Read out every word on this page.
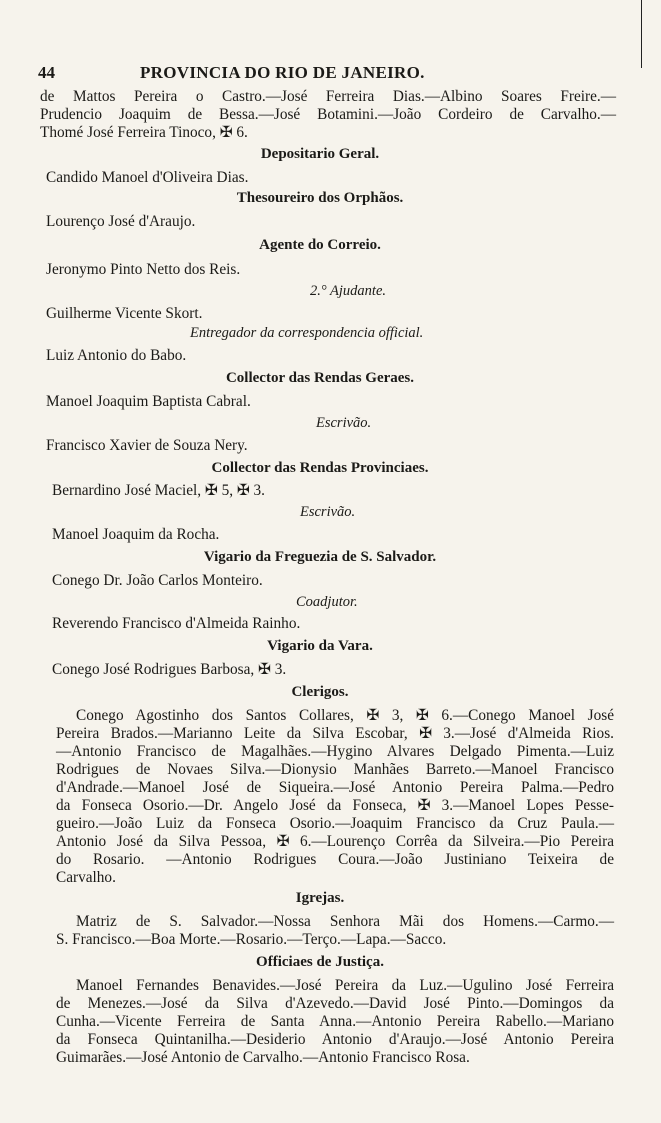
44	PROVINCIA DO RIO DE JANEIRO.

de Mattos Pereira o Castro.—José Ferreira Dias.—Albino Soares Freire.—

Prudencio Joaquim de Bessa.—José Botamini.—João Cordeiro de Carvalho.—

Thomé José Ferreira Tinoco, ✠ 6.

Depositario Geral.

Candido Manoel d'Oliveira Dias.

Thesoureiro dos Orphãos.

Lourenço José d'Araujo.

Agente do Correio.

Jeronymo Pinto Netto dos Reis.

2.° Ajudante.

Guilherme Vicente Skort.

Entregador da correspondencia official.

Luiz Antonio do Babo.

Collector das Rendas Geraes.

Manoel Joaquim Baptista Cabral.

Escrivão.

Francisco Xavier de Souza Nery.

Collector das Rendas Provinciaes.

Bernardino José Maciel, ✠ 5, ✠ 3.

Escrivão.

Manoel Joaquim da Rocha.

Vigario da Freguezia de S. Salvador.

Conego Dr. João Carlos Monteiro.

Coadjutor.

Reverendo Francisco d'Almeida Rainho.

Vigario da Vara.

Conego José Rodrigues Barbosa, ✠ 3.

Clerigos.

Conego Agostinho dos Santos Collares, ✠ 3, ✠ 6.—Conego Manoel José

Pereira Brados.—Marianno Leite da Silva Escobar, ✠ 3.—José d'Almeida Rios.

—Antonio Francisco de Magalhães.—Hygino Alvares Delgado Pimenta.—Luiz

Rodrigues de Novaes Silva.—Dionysio Manhães Barreto.—Manoel Francisco

d'Andrade.—Manoel José de Siqueira.—José Antonio Pereira Palma.—Pedro

da Fonseca Osorio.—Dr. Angelo José da Fonseca, ✠ 3.—Manoel Lopes Pesse-

gueiro.—João Luiz da Fonseca Osorio.—Joaquim Francisco da Cruz Paula.—

Antonio José da Silva Pessoa, ✠ 6.—Lourenço Corrêa da Silveira.—Pio Pereira

do Rosario. —Antonio Rodrigues Coura.—João Justiniano Teixeira de

Carvalho.

Igrejas.

Matriz de S. Salvador.—Nossa Senhora Mãi dos Homens.—Carmo.—

S. Francisco.—Boa Morte.—Rosario.—Terço.—Lapa.—Sacco.

Officiaes de Justiça.

Manoel Fernandes Benavides.—José Pereira da Luz.—Ugulino José Ferreira

de Menezes.—José da Silva d'Azevedo.—David José Pinto.—Domingos da

Cunha.—Vicente Ferreira de Santa Anna.—Antonio Pereira Rabello.—Mariano

da Fonseca Quintanilha.—Desiderio Antonio d'Araujo.—José Antonio Pereira

Guimarães.—José Antonio de Carvalho.—Antonio Francisco Rosa.
